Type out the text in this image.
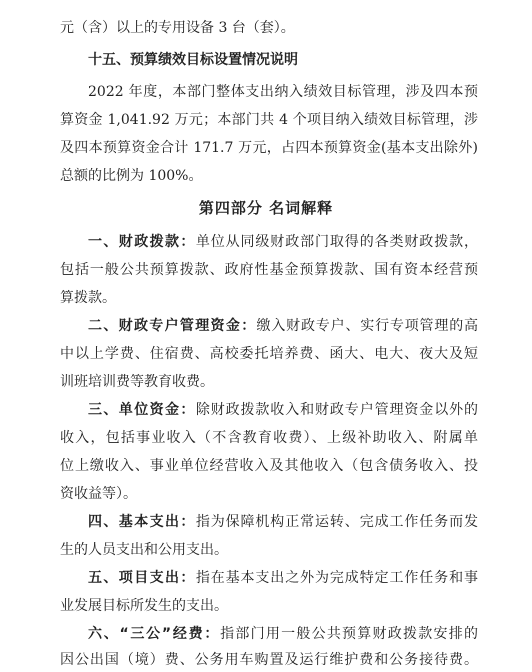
元（含）以上的专用设备 3 台（套）。
十五、预算绩效目标设置情况说明
2022 年度，本部门整体支出纳入绩效目标管理，涉及四本预
算资金 1,041.92 万元；本部门共 4 个项目纳入绩效目标管理，涉
及四本预算资金合计 171.7 万元，占四本预算资金(基本支出除外)
总额的比例为 100%。
第四部分 名词解释
一、财政拨款：单位从同级财政部门取得的各类财政拨款，
包括一般公共预算拨款、政府性基金预算拨款、国有资本经营预
算拨款。
二、财政专户管理资金：缴入财政专户、实行专项管理的高
中以上学费、住宿费、高校委托培养费、函大、电大、夜大及短
训班培训费等教育收费。
三、单位资金：除财政拨款收入和财政专户管理资金以外的
收入，包括事业收入（不含教育收费）、上级补助收入、附属单
位上缴收入、事业单位经营收入及其他收入（包含债务收入、投
资收益等）。
四、基本支出：指为保障机构正常运转、完成工作任务而发
生的人员支出和公用支出。
五、项目支出：指在基本支出之外为完成特定工作任务和事
业发展目标所发生的支出。
六、“三公”经费：指部门用一般公共预算财政拨款安排的
因公出国（境）费、公务用车购置及运行维护费和公务接待费。
